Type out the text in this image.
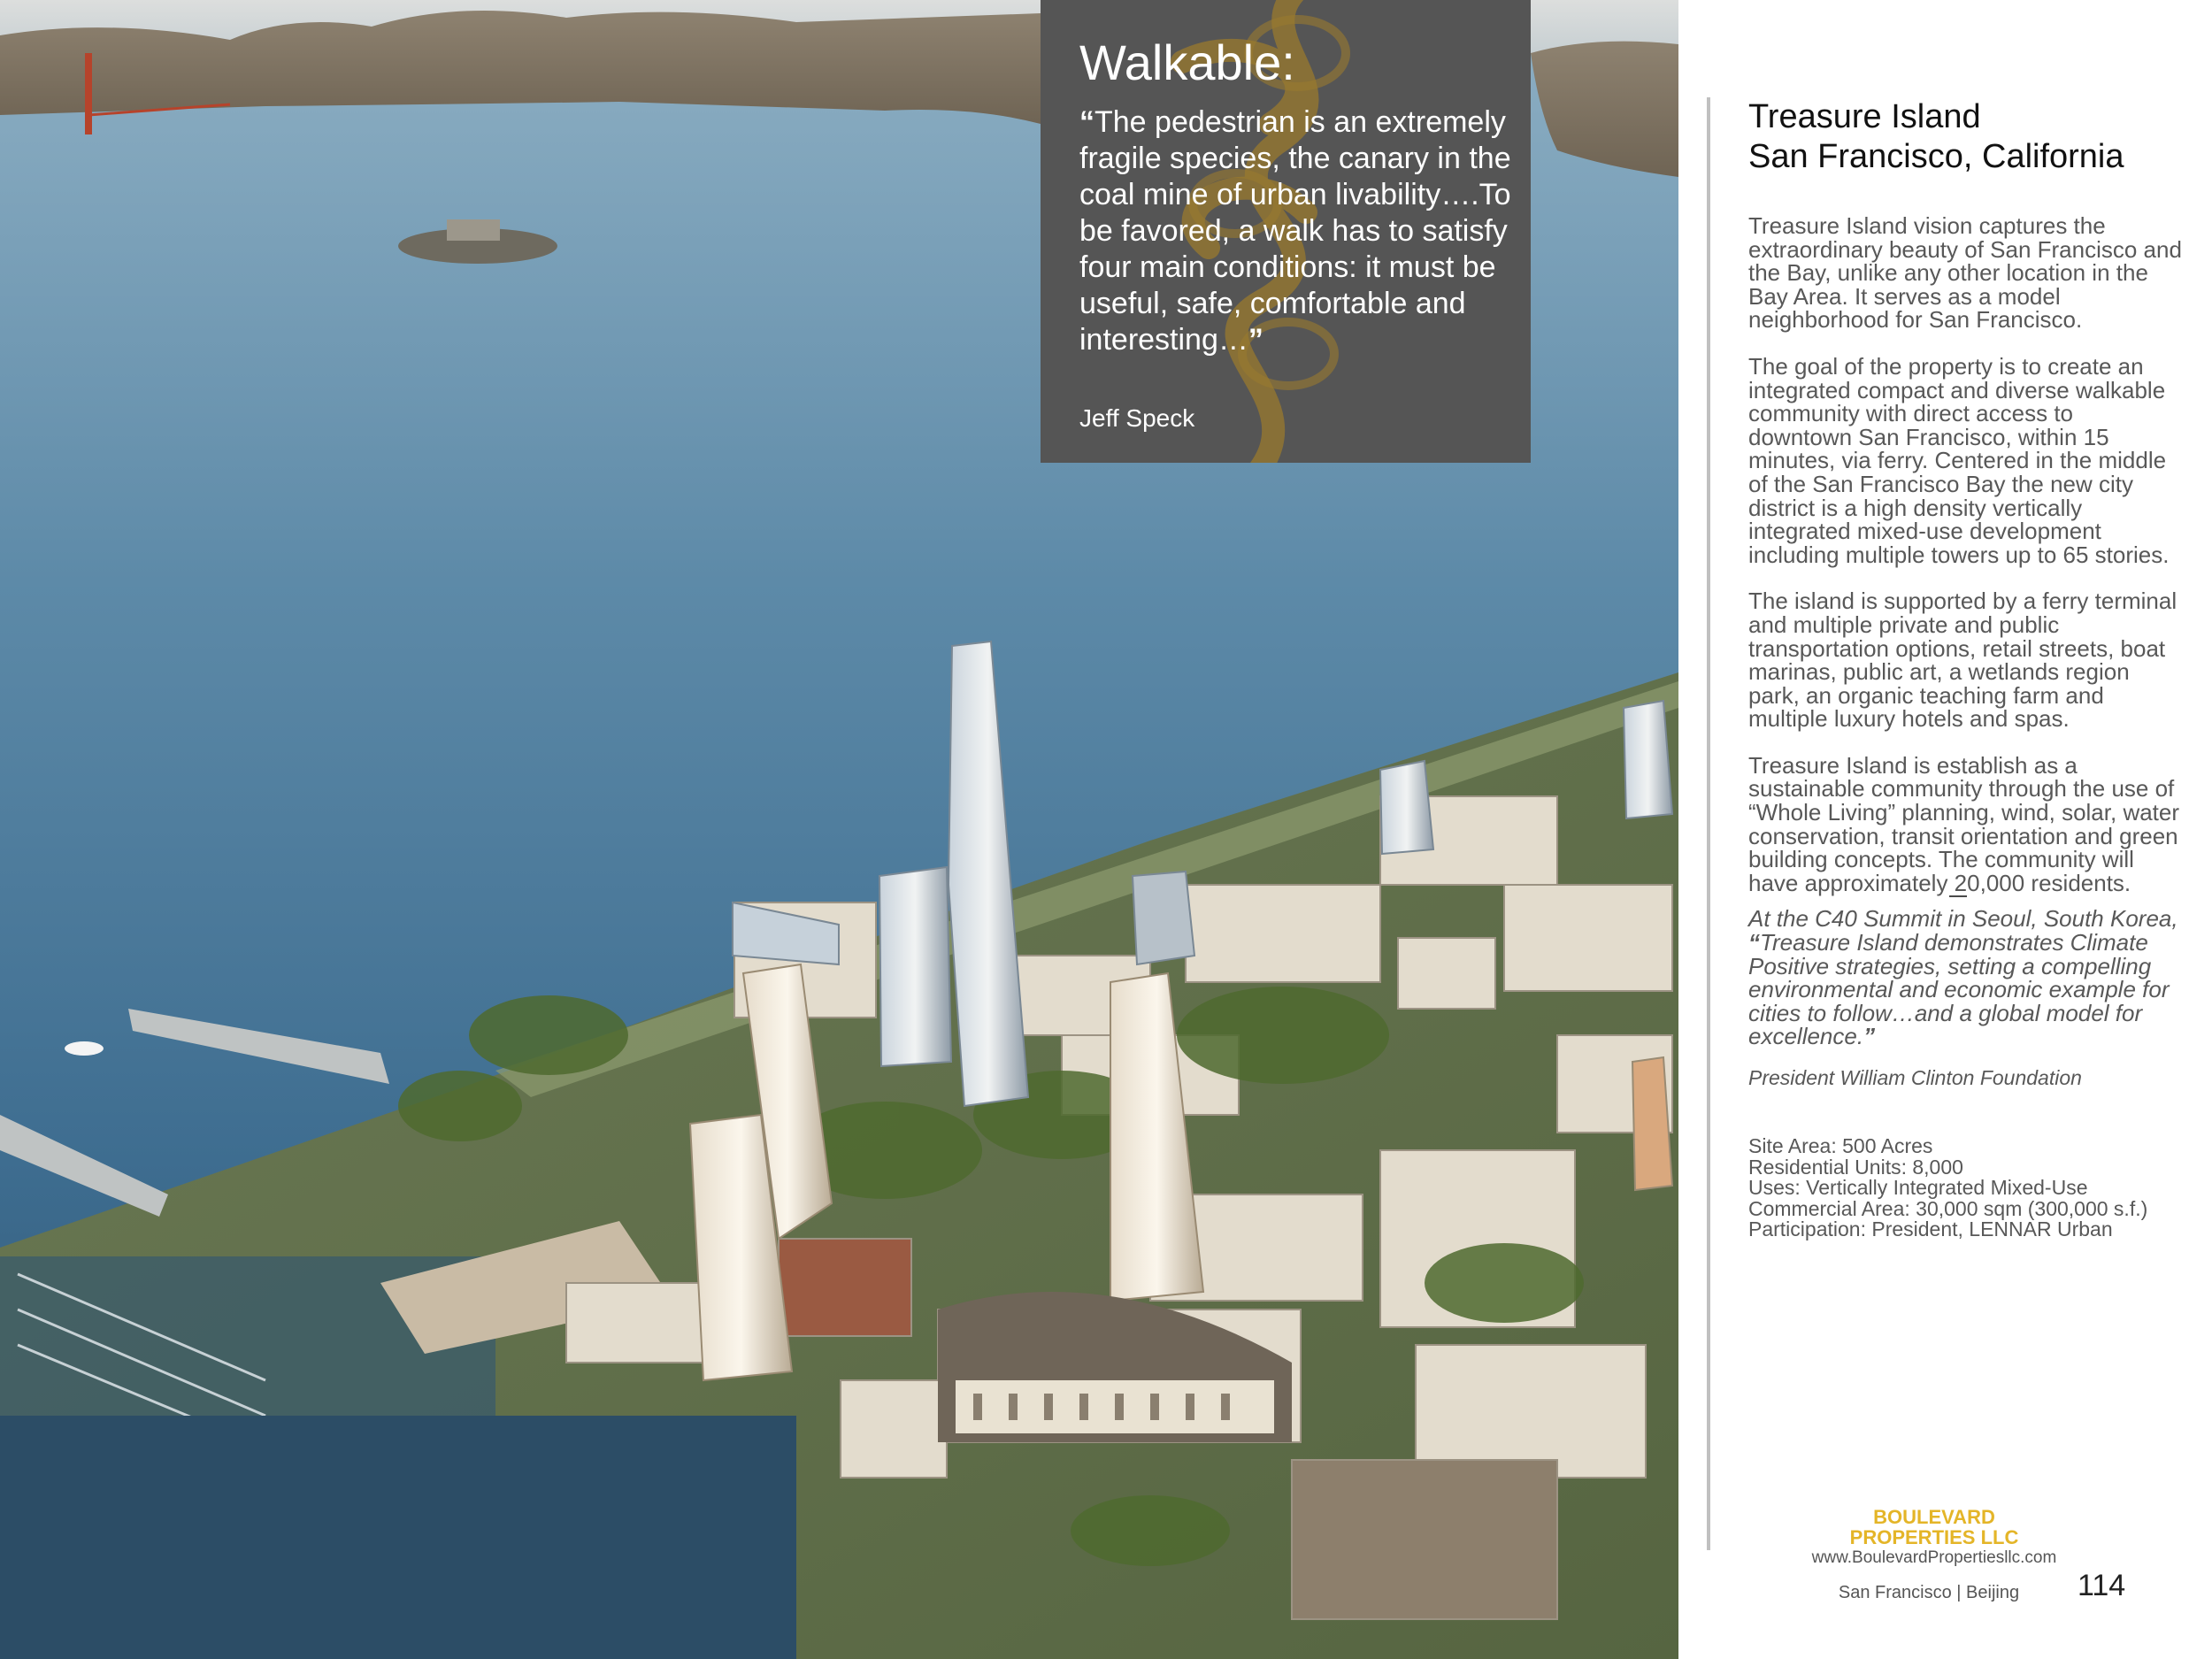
Walkable:
“The pedestrian is an extremely fragile species, the canary in the coal mine of urban livability….To be favored, a walk has to satisfy four main conditions: it must be useful, safe, comfortable and interesting…”
Jeff Speck
Treasure Island
San Francisco, California

Treasure Island vision captures the extraordinary beauty of San Francisco and the Bay, unlike any other location in the Bay Area. It serves as a model neighborhood for San Francisco.

The goal of the property is to create an integrated compact and diverse walkable community with direct access to downtown San Francisco, within 15 minutes, via ferry. Centered in the middle of the San Francisco Bay the new city district is a high density vertically integrated mixed-use development including multiple towers up to 65 stories.

The island is supported by a ferry terminal and multiple private and public transportation options, retail streets, boat marinas, public art, a wetlands region park, an organic teaching farm and multiple luxury hotels and spas.

Treasure Island is establish as a sustainable community through the use of “Whole Living” planning, wind, solar, water conservation, transit orientation and green building concepts. The community will have approximately 20,000 residents.

At the C40 Summit in Seoul, South Korea, “Treasure Island demonstrates Climate Positive strategies, setting a compelling environmental and economic example for cities to follow…and a global model for excellence.”

President William Clinton Foundation

Site Area: 500 Acres
Residential Units: 8,000
Uses: Vertically Integrated Mixed-Use
Commercial Area: 30,000 sqm (300,000 s.f.)
Participation: President, LENNAR Urban
BOULEVARD
PROPERTIES LLC
www.BoulevardPropertiesllc.com
San Francisco | Beijing	114
